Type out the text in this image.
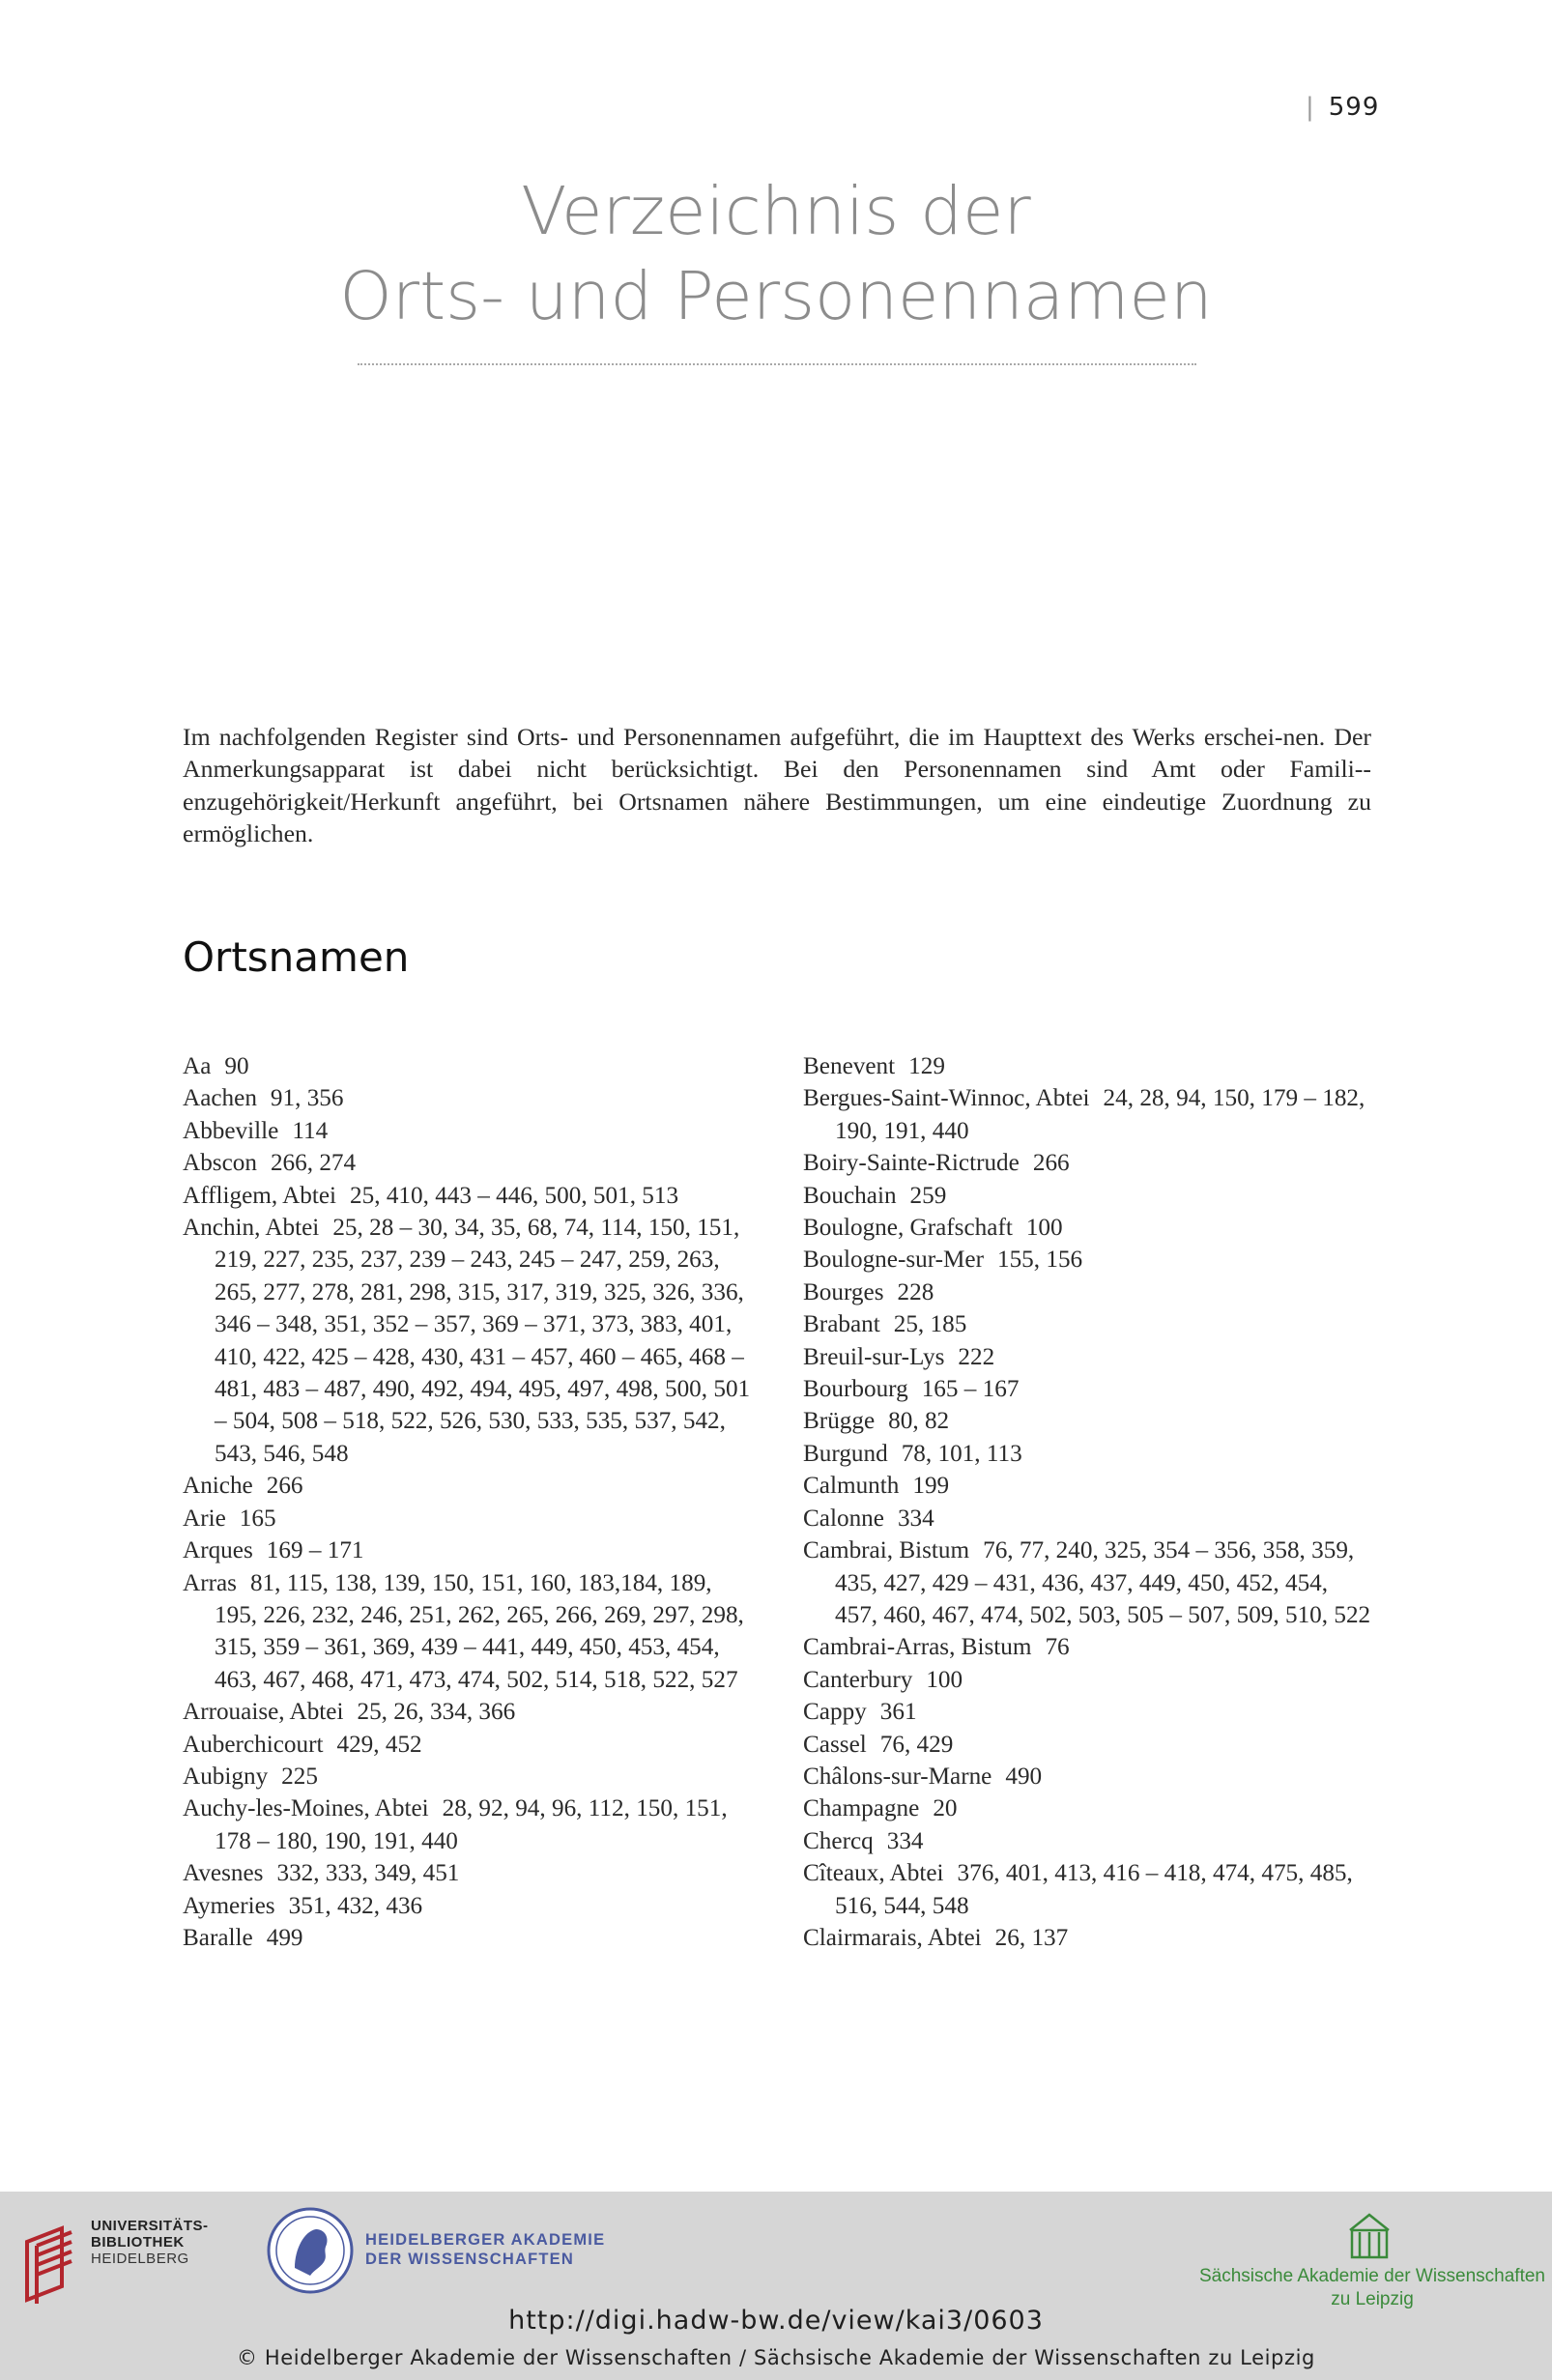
| 599
Verzeichnis der
Orts- und Personennamen

Im nachfolgenden Register sind Orts- und Personennamen aufgeführt, die im Haupttext des Werks erschei-nen. Der Anmerkungsapparat ist dabei nicht berücksichtigt. Bei den Personennamen sind Amt oder Famili-enzugehörigkeit/Herkunft angeführt, bei Ortsnamen nähere Bestimmungen, um eine eindeutige Zuordnung zu ermöglichen.

Ortsnamen
Aa 90
Aachen 91, 356
Abbeville 114
Abscon 266, 274
Affligem, Abtei 25, 410, 443 – 446, 500, 501, 513
Anchin, Abtei 25, 28 – 30, 34, 35, 68, 74, 114, 150, 151, 219, 227, 235, 237, 239 – 243, 245 – 247, 259, 263, 265, 277, 278, 281, 298, 315, 317, 319, 325, 326, 336, 346 – 348, 351, 352 – 357, 369 – 371, 373, 383, 401, 410, 422, 425 – 428, 430, 431 – 457, 460 – 465, 468 – 481, 483 – 487, 490, 492, 494, 495, 497, 498, 500, 501 – 504, 508 – 518, 522, 526, 530, 533, 535, 537, 542, 543, 546, 548
Aniche 266
Arie 165
Arques 169 – 171
Arras 81, 115, 138, 139, 150, 151, 160, 183,184, 189, 195, 226, 232, 246, 251, 262, 265, 266, 269, 297, 298, 315, 359 – 361, 369, 439 – 441, 449, 450, 453, 454, 463, 467, 468, 471, 473, 474, 502, 514, 518, 522, 527
Arrouaise, Abtei 25, 26, 334, 366
Auberchicourt 429, 452
Aubigny 225
Auchy-les-Moines, Abtei 28, 92, 94, 96, 112, 150, 151, 178 – 180, 190, 191, 440
Avesnes 332, 333, 349, 451
Aymeries 351, 432, 436
Baralle 499
Benevent 129
Bergues-Saint-Winnoc, Abtei 24, 28, 94, 150, 179 – 182, 190, 191, 440
Boiry-Sainte-Rictrude 266
Bouchain 259
Boulogne, Grafschaft 100
Boulogne-sur-Mer 155, 156
Bourges 228
Brabant 25, 185
Breuil-sur-Lys 222
Bourbourg 165 – 167
Brügge 80, 82
Burgund 78, 101, 113
Calmunth 199
Calonne 334
Cambrai, Bistum 76, 77, 240, 325, 354 – 356, 358, 359, 435, 427, 429 – 431, 436, 437, 449, 450, 452, 454, 457, 460, 467, 474, 502, 503, 505 – 507, 509, 510, 522
Cambrai-Arras, Bistum 76
Canterbury 100
Cappy 361
Cassel 76, 429
Châlons-sur-Marne 490
Champagne 20
Chercq 334
Cîteaux, Abtei 376, 401, 413, 416 – 418, 474, 475, 485, 516, 544, 548
Clairmarais, Abtei 26, 137
UNIVERSITÄTS-
BIBLIOTHEK
HEIDELBERG
HEIDELBERGER AKADEMIE
DER WISSENSCHAFTEN
Sächsische Akademie der Wissenschaften
zu Leipzig
http://digi.hadw-bw.de/view/kai3/0603
© Heidelberger Akademie der Wissenschaften / Sächsische Akademie der Wissenschaften zu Leipzig
